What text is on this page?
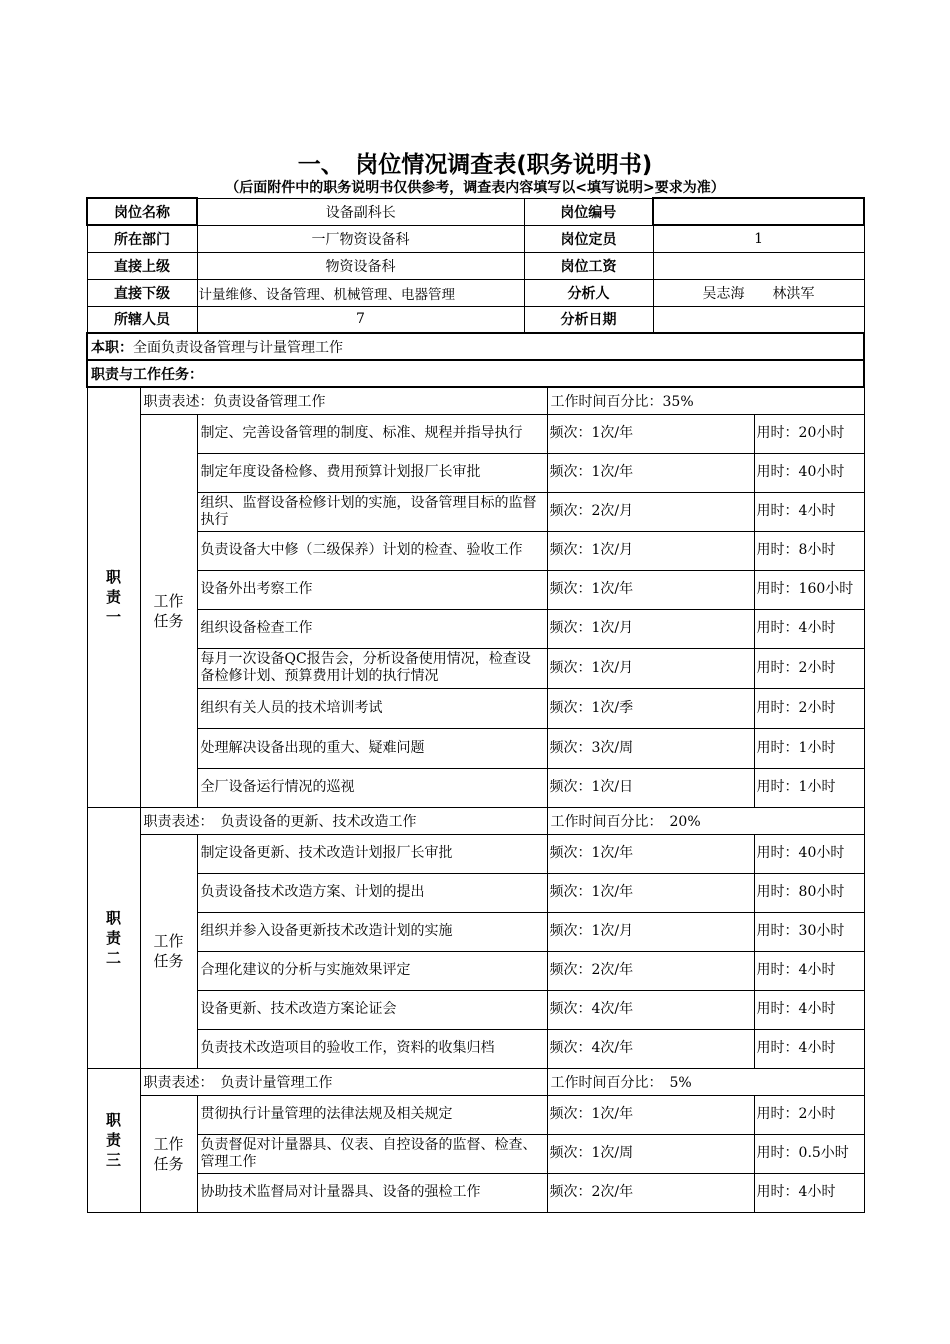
一、　岗位情况调查表(职务说明书)
（后面附件中的职务说明书仅供参考，调查表内容填写以<填写说明>要求为准）
岗位名称		设备副科长	岗位编号			
所在部门		一厂物资设备科	岗位定员		1	
直接上级		物资设备科	岗位工资			
直接下级		计量维修、设备管理、机械管理、电器管理	分析人		吴志海　　林洪军	
所辖人员		7	分析日期			
本职：全面负责设备管理与计量管理工作						
职责与工作任务：						
职责一	职责表述：负责设备管理工作			工作时间百分比：35%		
	工作任务	制定、完善设备管理的制度、标准、规程并指导执行		频次：1次/年		用时：20小时
		制定年度设备检修、费用预算计划报厂长审批		频次：1次/年		用时：40小时
		组织、监督设备检修计划的实施，设备管理目标的监督执行		频次：2次/月		用时：4小时
		负责设备大中修（二级保养）计划的检查、验收工作		频次：1次/月		用时：8小时
		设备外出考察工作		频次：1次/年		用时：160小时
		组织设备检查工作		频次：1次/月		用时：4小时
		每月一次设备QC报告会，分析设备使用情况，检查设备检修计划、预算费用计划的执行情况		频次：1次/月		用时：2小时
		组织有关人员的技术培训考试		频次：1次/季		用时：2小时
		处理解决设备出现的重大、疑难问题		频次：3次/周		用时：1小时
		全厂设备运行情况的巡视		频次：1次/日		用时：1小时
职责二	职责表述：　负责设备的更新、技术改造工作			工作时间百分比：　20%		
	工作任务	制定设备更新、技术改造计划报厂长审批		频次：1次/年		用时：40小时
		负责设备技术改造方案、计划的提出		频次：1次/年		用时：80小时
		组织并参入设备更新技术改造计划的实施		频次：1次/月		用时：30小时
		合理化建议的分析与实施效果评定		频次：2次/年		用时：4小时
		设备更新、技术改造方案论证会		频次：4次/年		用时：4小时
		负责技术改造项目的验收工作，资料的收集归档		频次：4次/年		用时：4小时
职责三	职责表述：　负责计量管理工作			工作时间百分比：　5%		
	工作任务	贯彻执行计量管理的法律法规及相关规定		频次：1次/年		用时：2小时
		负责督促对计量器具、仪表、自控设备的监督、检查、管理工作		频次：1次/周		用时：0.5小时
		协助技术监督局对计量器具、设备的强检工作		频次：2次/年		用时：4小时
